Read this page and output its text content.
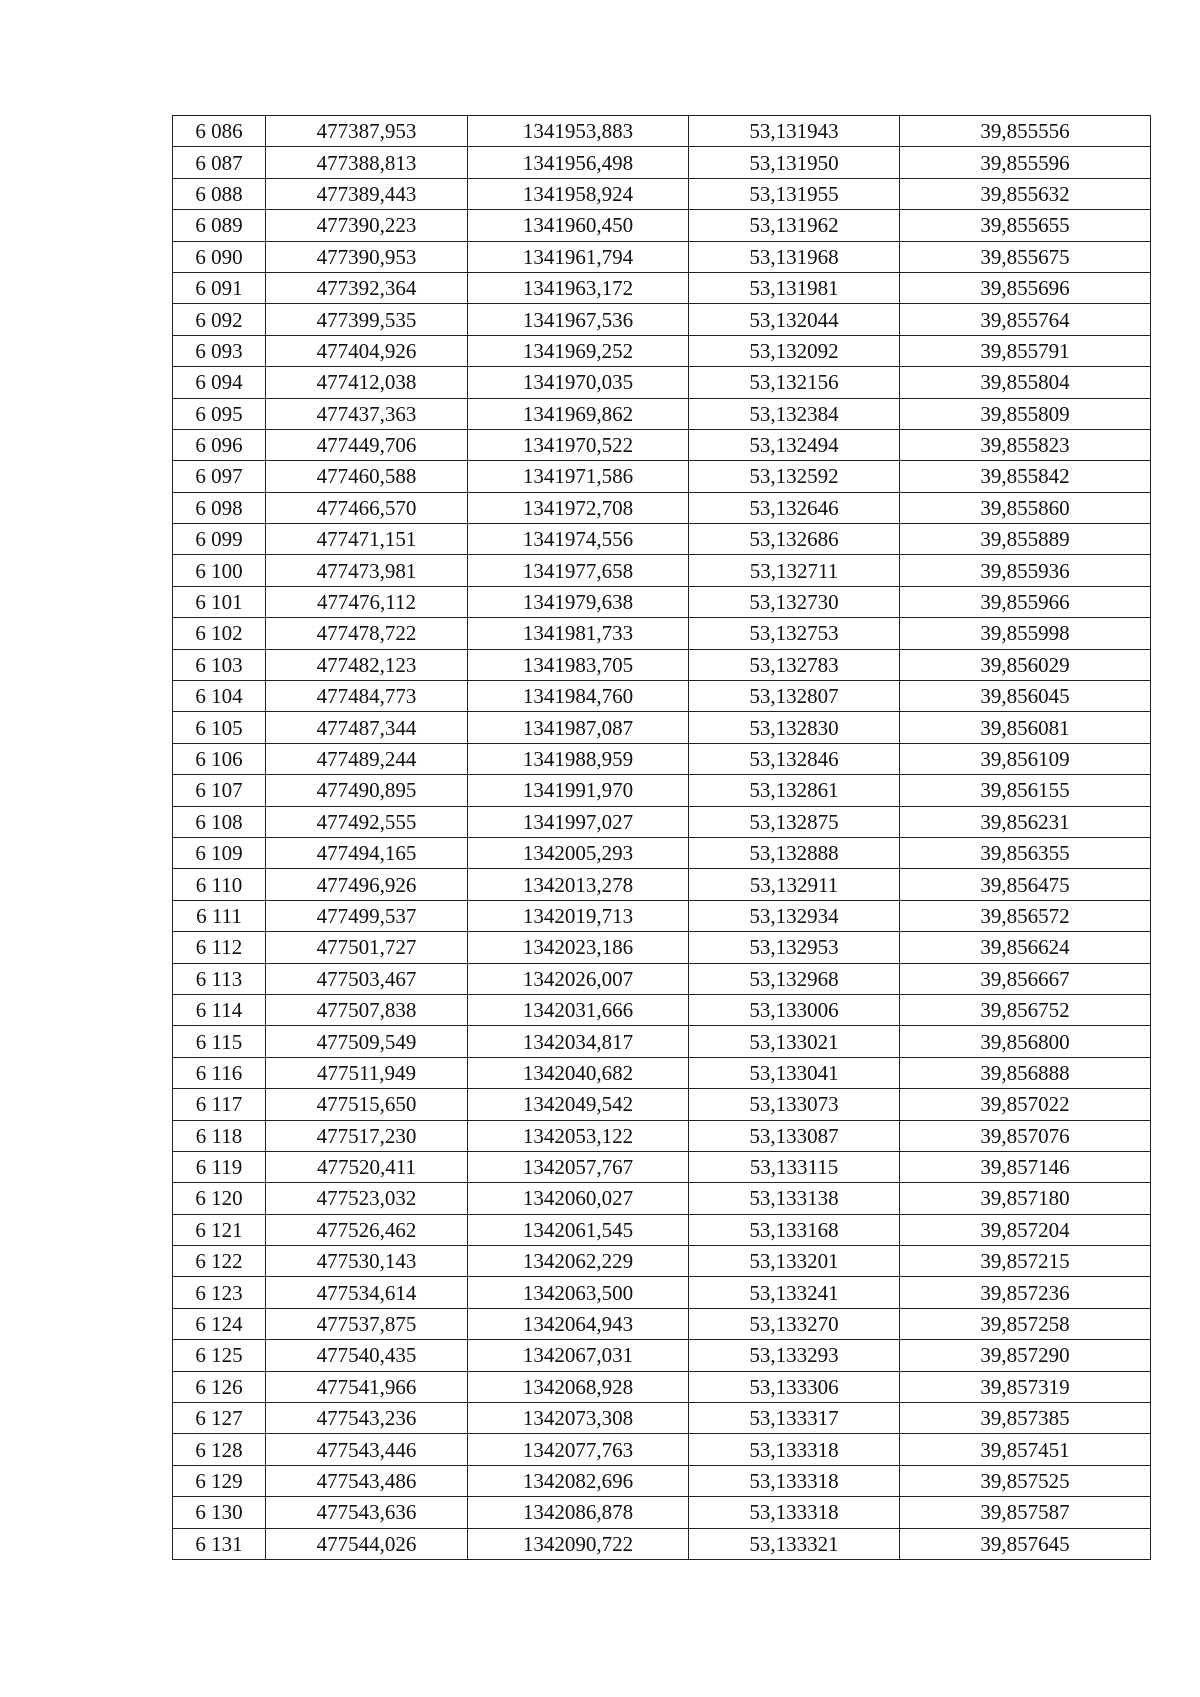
6 086	477387,953	1341953,883	53,131943	39,855556
6 087	477388,813	1341956,498	53,131950	39,855596
6 088	477389,443	1341958,924	53,131955	39,855632
6 089	477390,223	1341960,450	53,131962	39,855655
6 090	477390,953	1341961,794	53,131968	39,855675
6 091	477392,364	1341963,172	53,131981	39,855696
6 092	477399,535	1341967,536	53,132044	39,855764
6 093	477404,926	1341969,252	53,132092	39,855791
6 094	477412,038	1341970,035	53,132156	39,855804
6 095	477437,363	1341969,862	53,132384	39,855809
6 096	477449,706	1341970,522	53,132494	39,855823
6 097	477460,588	1341971,586	53,132592	39,855842
6 098	477466,570	1341972,708	53,132646	39,855860
6 099	477471,151	1341974,556	53,132686	39,855889
6 100	477473,981	1341977,658	53,132711	39,855936
6 101	477476,112	1341979,638	53,132730	39,855966
6 102	477478,722	1341981,733	53,132753	39,855998
6 103	477482,123	1341983,705	53,132783	39,856029
6 104	477484,773	1341984,760	53,132807	39,856045
6 105	477487,344	1341987,087	53,132830	39,856081
6 106	477489,244	1341988,959	53,132846	39,856109
6 107	477490,895	1341991,970	53,132861	39,856155
6 108	477492,555	1341997,027	53,132875	39,856231
6 109	477494,165	1342005,293	53,132888	39,856355
6 110	477496,926	1342013,278	53,132911	39,856475
6 111	477499,537	1342019,713	53,132934	39,856572
6 112	477501,727	1342023,186	53,132953	39,856624
6 113	477503,467	1342026,007	53,132968	39,856667
6 114	477507,838	1342031,666	53,133006	39,856752
6 115	477509,549	1342034,817	53,133021	39,856800
6 116	477511,949	1342040,682	53,133041	39,856888
6 117	477515,650	1342049,542	53,133073	39,857022
6 118	477517,230	1342053,122	53,133087	39,857076
6 119	477520,411	1342057,767	53,133115	39,857146
6 120	477523,032	1342060,027	53,133138	39,857180
6 121	477526,462	1342061,545	53,133168	39,857204
6 122	477530,143	1342062,229	53,133201	39,857215
6 123	477534,614	1342063,500	53,133241	39,857236
6 124	477537,875	1342064,943	53,133270	39,857258
6 125	477540,435	1342067,031	53,133293	39,857290
6 126	477541,966	1342068,928	53,133306	39,857319
6 127	477543,236	1342073,308	53,133317	39,857385
6 128	477543,446	1342077,763	53,133318	39,857451
6 129	477543,486	1342082,696	53,133318	39,857525
6 130	477543,636	1342086,878	53,133318	39,857587
6 131	477544,026	1342090,722	53,133321	39,857645
